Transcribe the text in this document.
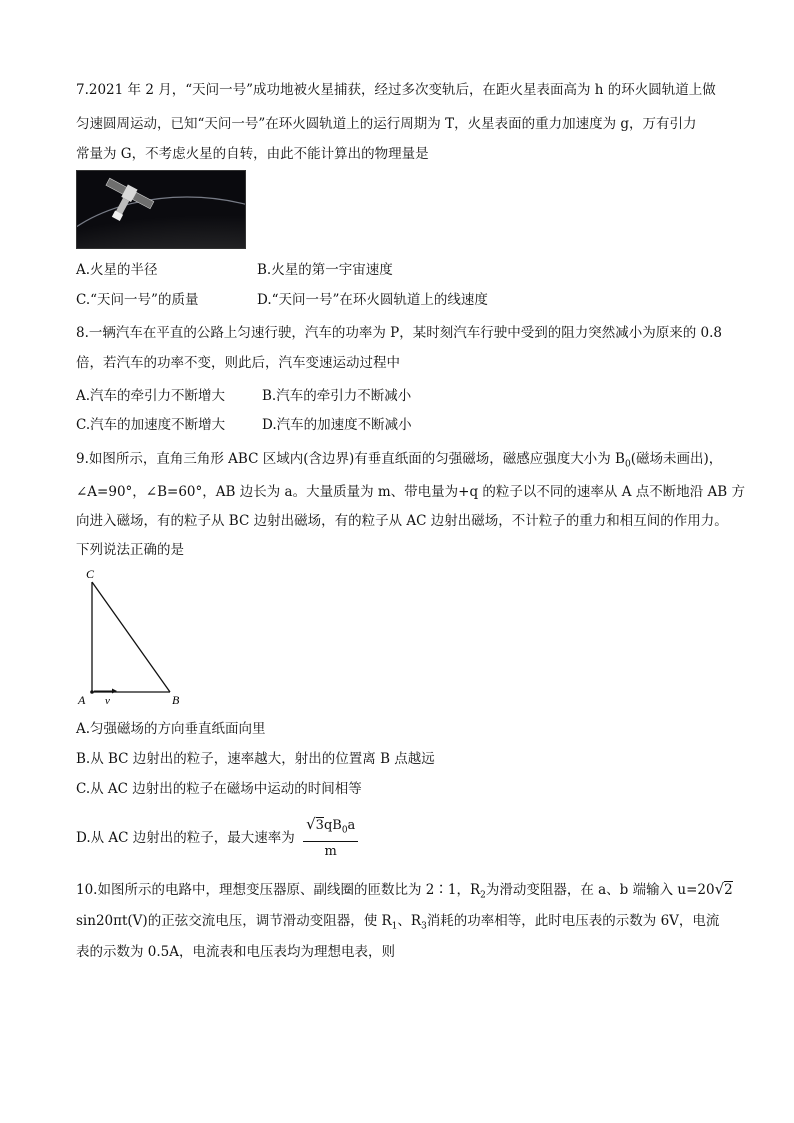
7.2021 年 2 月，“天问一号”成功地被火星捕获，经过多次变轨后，在距火星表面高为 h 的环火圆轨道上做
匀速圆周运动，已知“天问一号”在环火圆轨道上的运行周期为 T，火星表面的重力加速度为 g，万有引力
常量为 G，不考虑火星的自转，由此不能计算出的物理量是
A.火星的半径	B.火星的第一宇宙速度
C.“天问一号”的质量	D.“天问一号”在环火圆轨道上的线速度
8.一辆汽车在平直的公路上匀速行驶，汽车的功率为 P，某时刻汽车行驶中受到的阻力突然减小为原来的 0.8
倍，若汽车的功率不变，则此后，汽车变速运动过程中
A.汽车的牵引力不断增大	B.汽车的牵引力不断减小
C.汽车的加速度不断增大	D.汽车的加速度不断减小
9.如图所示，直角三角形 ABC 区域内(含边界)有垂直纸面的匀强磁场，磁感应强度大小为 $B_0$(磁场未画出)，
∠A=90°，∠B=60°，AB 边长为 a。大量质量为 m、带电量为+q 的粒子以不同的速率从 A 点不断地沿 AB 方
向进入磁场，有的粒子从 BC 边射出磁场，有的粒子从 AC 边射出磁场，不计粒子的重力和相互间的作用力。
下列说法正确的是
C
A	B
v
A.匀强磁场的方向垂直纸面向里
B.从 BC 边射出的粒子，速率越大，射出的位置离 B 点越远
C.从 AC 边射出的粒子在磁场中运动的时间相等
D.从 AC 边射出的粒子，最大速率为 $\frac{√3qB_0a}{m}$
10.如图所示的电路中，理想变压器原、副线圈的匝数比为 2∶1，$R_2$为滑动变阻器，在 a、b 端输入 u=20√2
sin20πt(V)的正弦交流电压，调节滑动变阻器，使 $R_1$、$R_3$消耗的功率相等，此时电压表的示数为 6V，电流
表的示数为 0.5A，电流表和电压表均为理想电表，则
